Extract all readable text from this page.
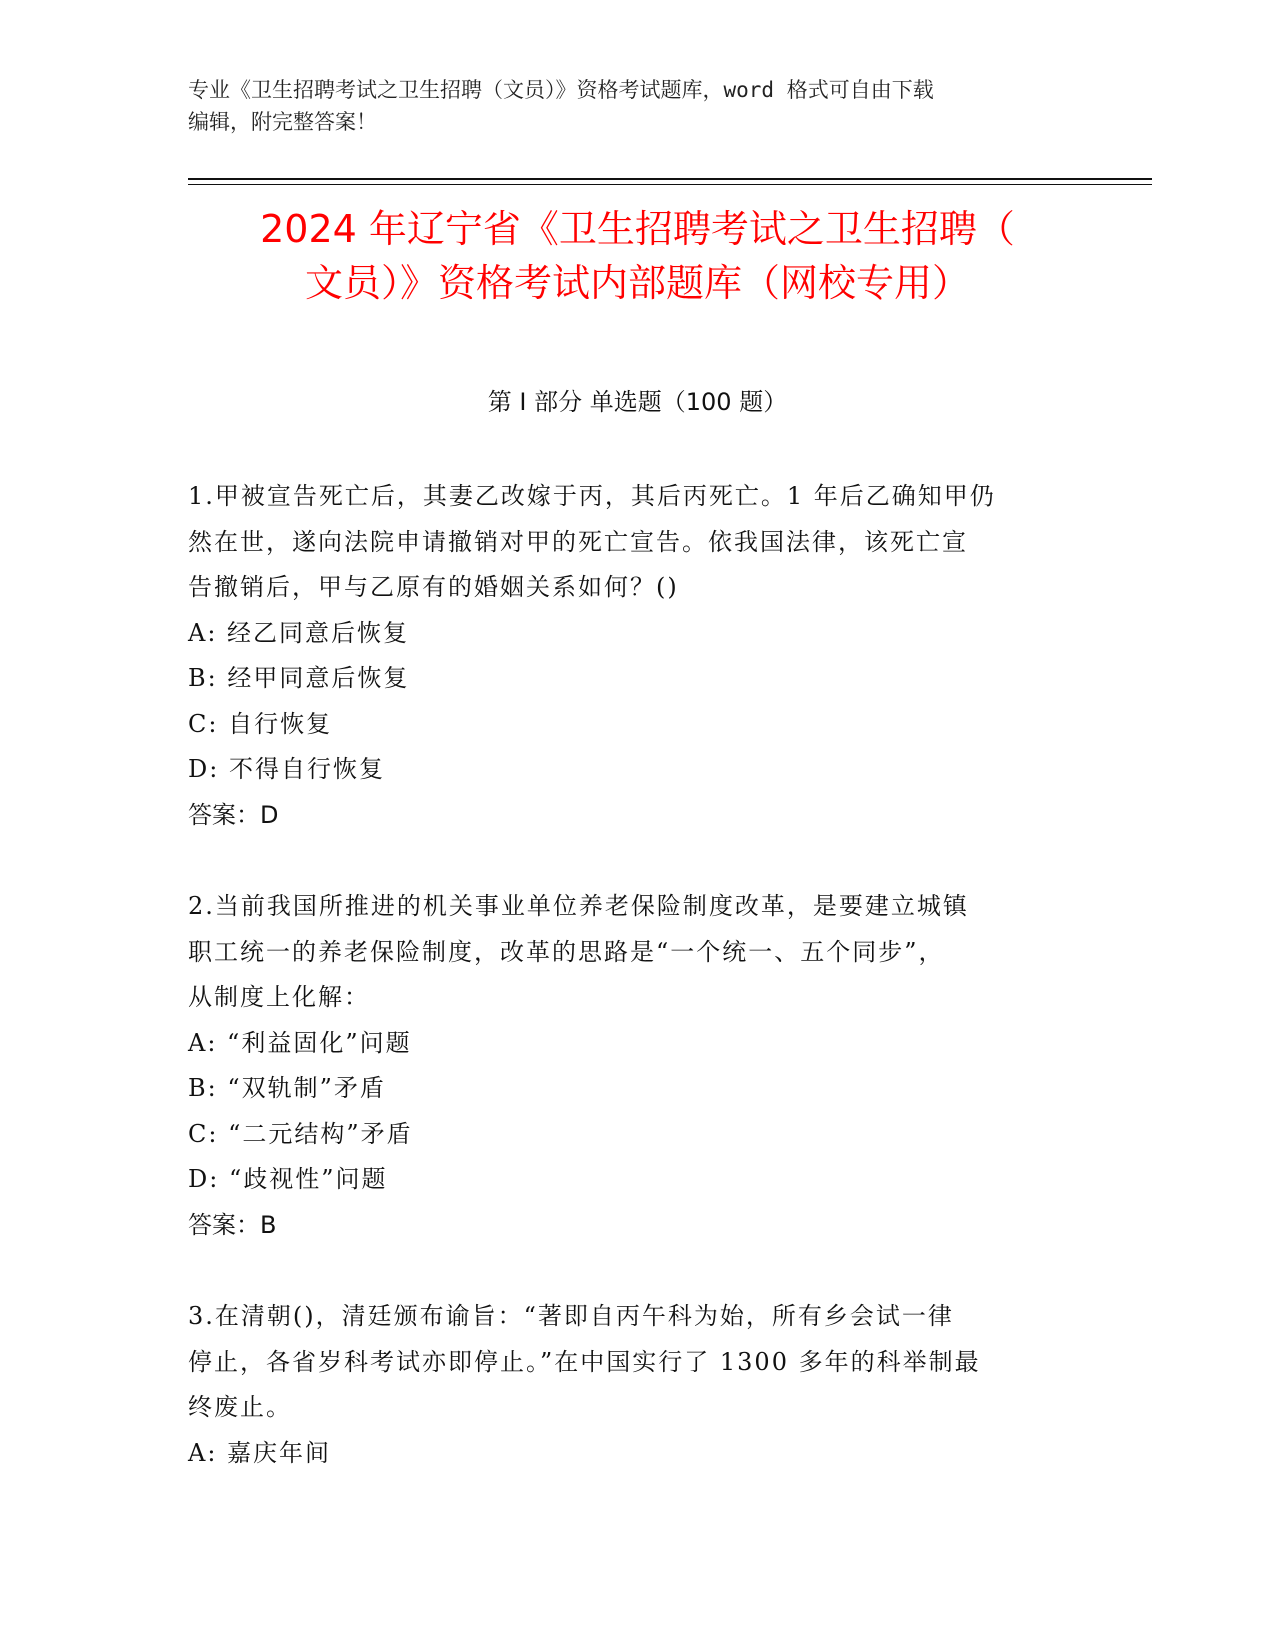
专业《卫生招聘考试之卫生招聘（文员）》资格考试题库，word 格式可自由下载
编辑，附完整答案！
2024 年辽宁省《卫生招聘考试之卫生招聘（
文员）》资格考试内部题库（网校专用）
第 I 部分 单选题（100 题）
1.甲被宣告死亡后，其妻乙改嫁于丙，其后丙死亡。1 年后乙确知甲仍
然在世，遂向法院申请撤销对甲的死亡宣告。依我国法律，该死亡宣
告撤销后，甲与乙原有的婚姻关系如何？()
A: 经乙同意后恢复
B: 经甲同意后恢复
C: 自行恢复
D: 不得自行恢复
答案：D
2.当前我国所推进的机关事业单位养老保险制度改革，是要建立城镇
职工统一的养老保险制度，改革的思路是“一个统一、五个同步”，
从制度上化解：
A: “利益固化”问题
B: “双轨制”矛盾
C: “二元结构”矛盾
D: “歧视性”问题
答案：B
3.在清朝()，清廷颁布谕旨：“著即自丙午科为始，所有乡会试一律
停止，各省岁科考试亦即停止。”在中国实行了 1300 多年的科举制最
终废止。
A: 嘉庆年间
